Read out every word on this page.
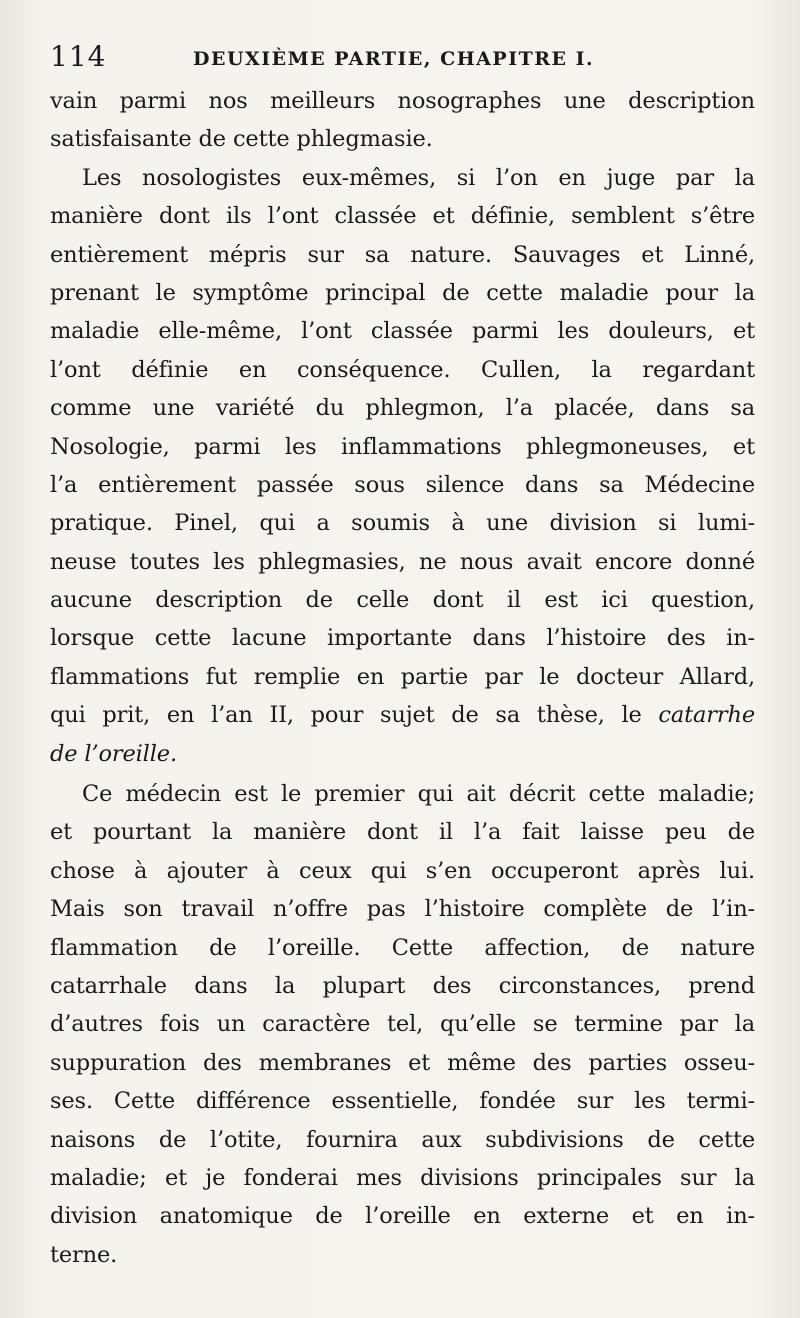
114	DEUXIÈME PARTIE, CHAPITRE I.
vain parmi nos meilleurs nosographes une description
satisfaisante de cette phlegmasie.
Les nosologistes eux-mêmes, si l’on en juge par la
manière dont ils l’ont classée et définie, semblent s’être
entièrement mépris sur sa nature. Sauvages et Linné,
prenant le symptôme principal de cette maladie pour la
maladie elle-même, l’ont classée parmi les douleurs, et
l’ont définie en conséquence. Cullen, la regardant
comme une variété du phlegmon, l’a placée, dans sa
Nosologie, parmi les inflammations phlegmoneuses, et
l’a entièrement passée sous silence dans sa Médecine
pratique. Pinel, qui a soumis à une division si lumi-
neuse toutes les phlegmasies, ne nous avait encore donné
aucune description de celle dont il est ici question,
lorsque cette lacune importante dans l’histoire des in-
flammations fut remplie en partie par le docteur Allard,
qui prit, en l’an II, pour sujet de sa thèse, le catarrhe
de l’oreille.
Ce médecin est le premier qui ait décrit cette maladie;
et pourtant la manière dont il l’a fait laisse peu de
chose à ajouter à ceux qui s’en occuperont après lui.
Mais son travail n’offre pas l’histoire complète de l’in-
flammation de l’oreille. Cette affection, de nature
catarrhale dans la plupart des circonstances, prend
d’autres fois un caractère tel, qu’elle se termine par la
suppuration des membranes et même des parties osseu-
ses. Cette différence essentielle, fondée sur les termi-
naisons de l’otite, fournira aux subdivisions de cette
maladie; et je fonderai mes divisions principales sur la
division anatomique de l’oreille en externe et en in-
terne.
